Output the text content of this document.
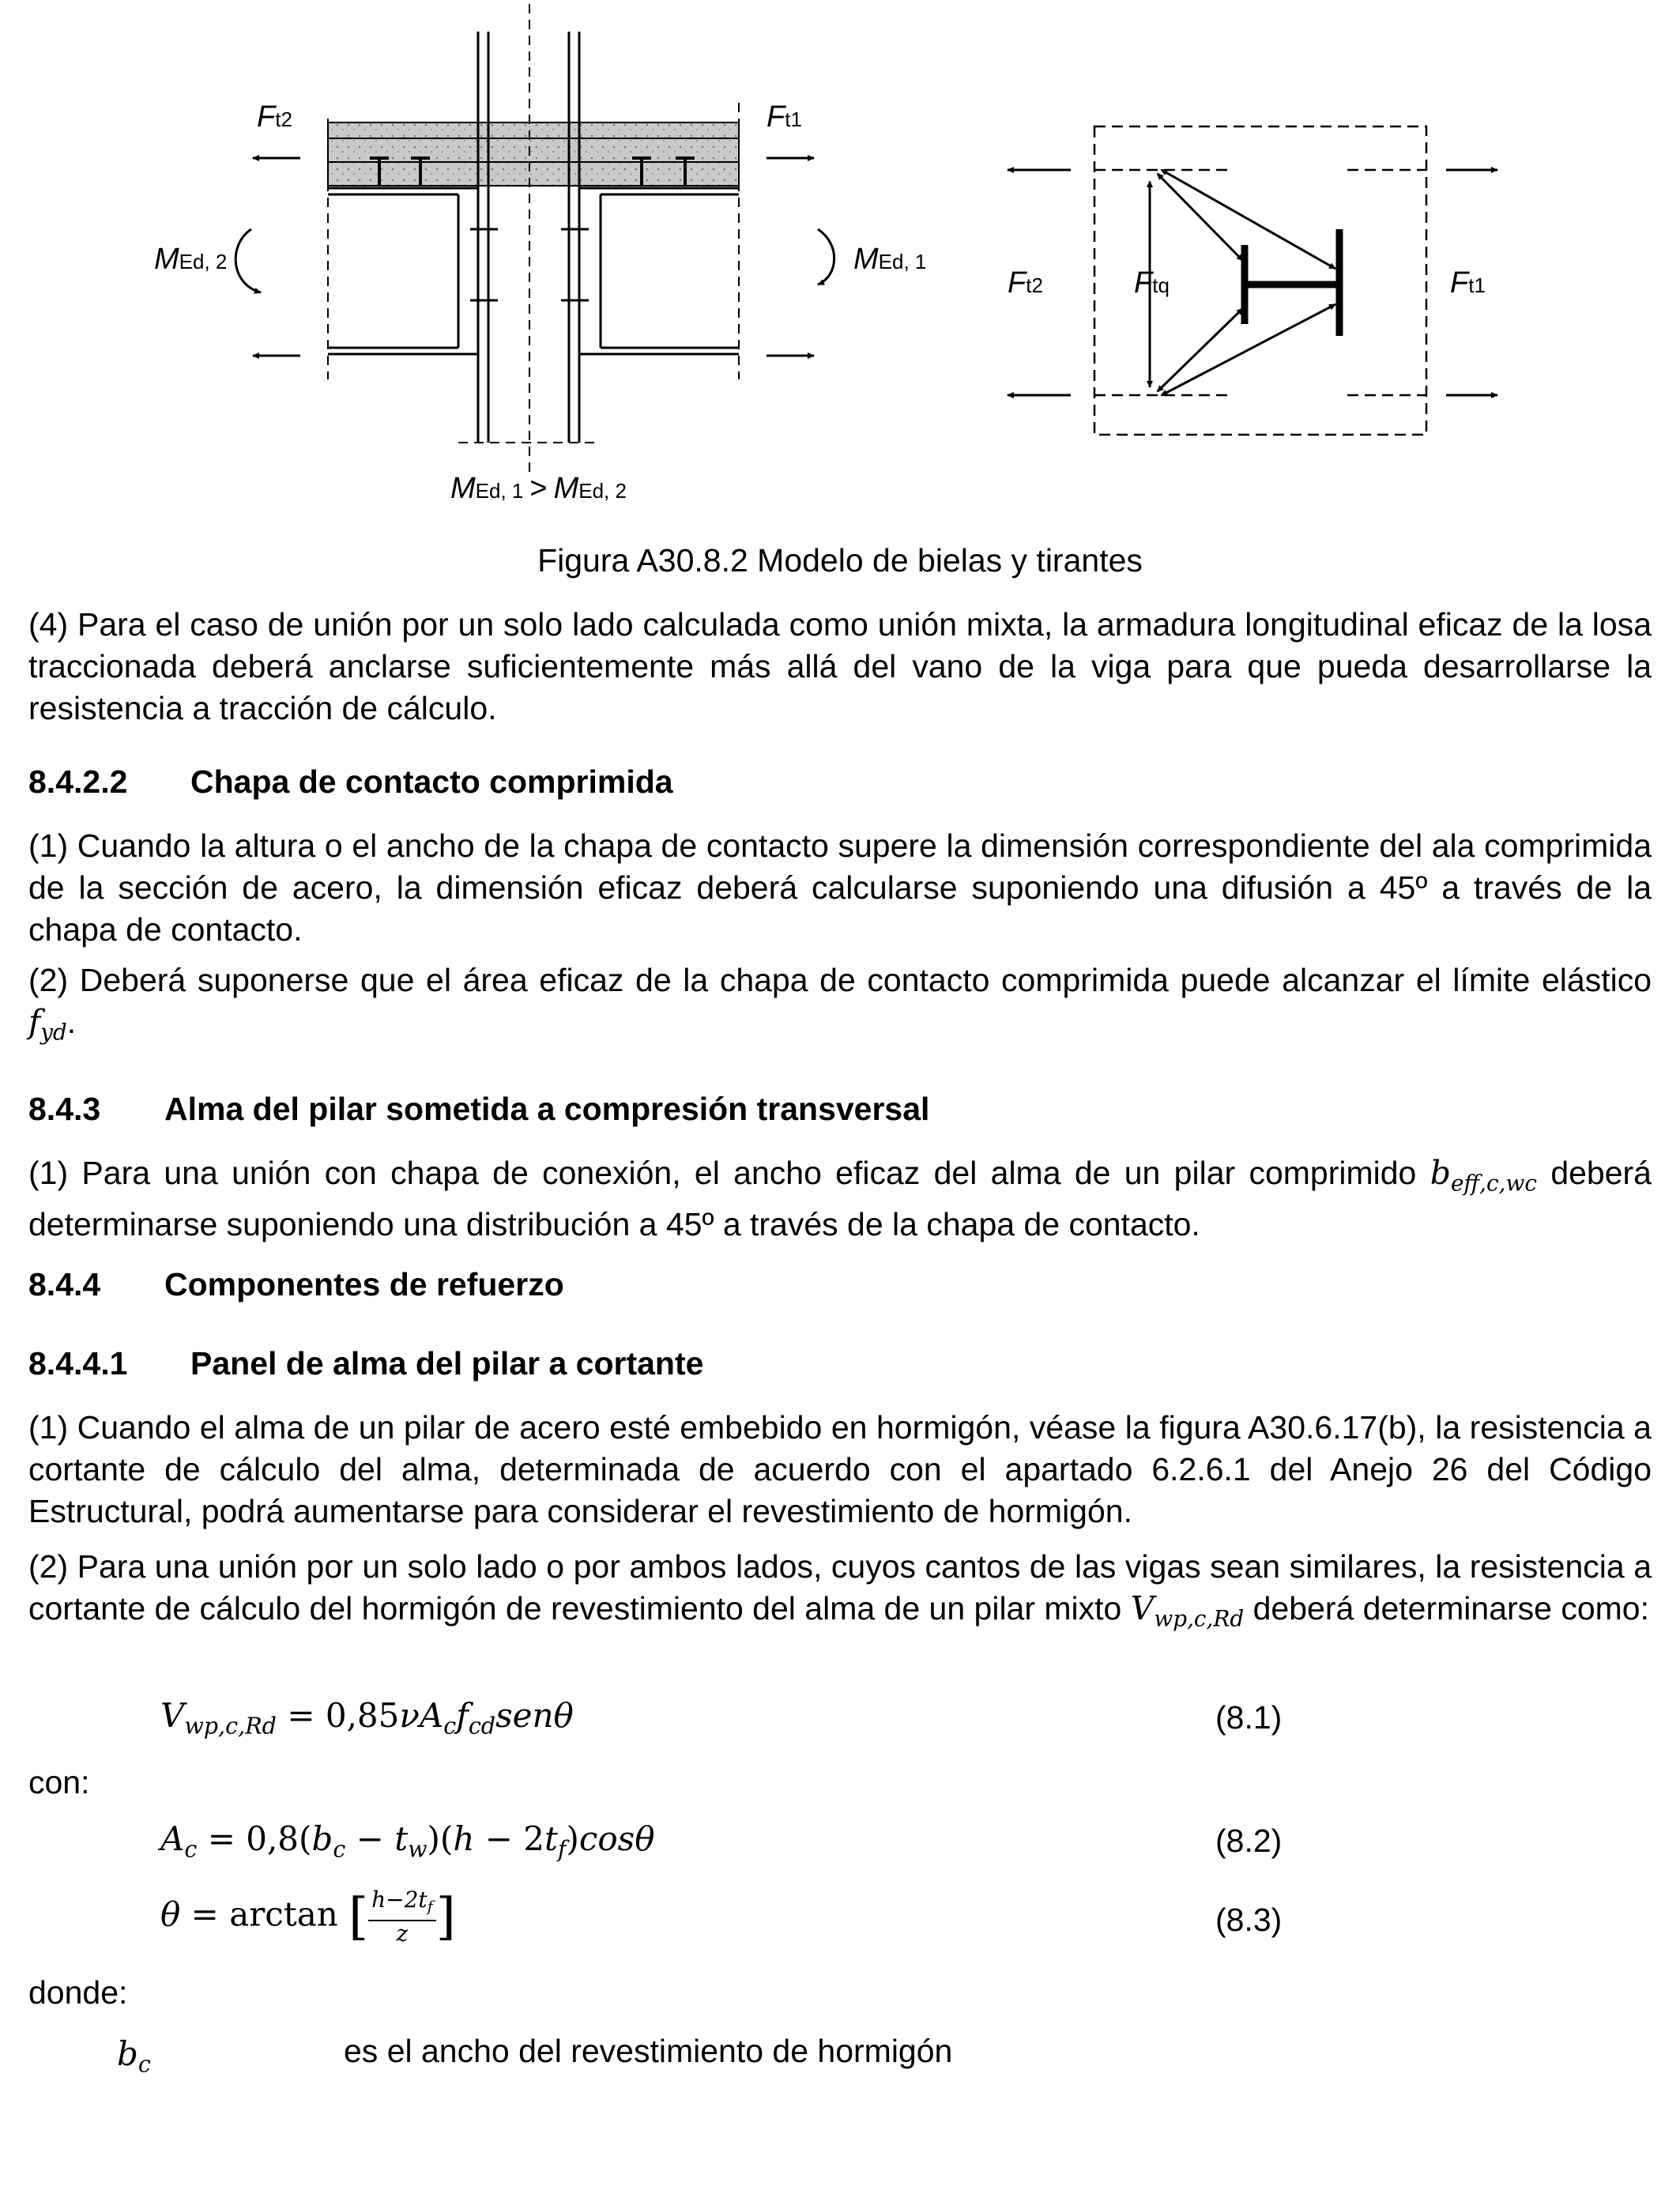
Ft2	Ft1
MEd, 2	MEd, 1
MEd, 1 > MEd, 2
Ft2	Ftq	Ft1
Figura A30.8.2 Modelo de bielas y tirantes
(4) Para el caso de unión por un solo lado calculada como unión mixta, la armadura longitudinal eficaz de la losa traccionada deberá anclarse suficientemente más allá del vano de la viga para que pueda desarrollarse la resistencia a tracción de cálculo.
8.4.2.2 Chapa de contacto comprimida
(1) Cuando la altura o el ancho de la chapa de contacto supere la dimensión correspondiente del ala comprimida de la sección de acero, la dimensión eficaz deberá calcularse suponiendo una difusión a 45º a través de la chapa de contacto.
(2) Deberá suponerse que el área eficaz de la chapa de contacto comprimida puede alcanzar el límite elástico $f_{yd}$.
8.4.3 Alma del pilar sometida a compresión transversal
(1) Para una unión con chapa de conexión, el ancho eficaz del alma de un pilar comprimido $b_{eff,c,wc}$ deberá determinarse suponiendo una distribución a 45º a través de la chapa de contacto.
8.4.4 Componentes de refuerzo
8.4.4.1 Panel de alma del pilar a cortante
(1) Cuando el alma de un pilar de acero esté embebido en hormigón, véase la figura A30.6.17(b), la resistencia a cortante de cálculo del alma, determinada de acuerdo con el apartado 6.2.6.1 del Anejo 26 del Código Estructural, podrá aumentarse para considerar el revestimiento de hormigón.
(2) Para una unión por un solo lado o por ambos lados, cuyos cantos de las vigas sean similares, la resistencia a cortante de cálculo del hormigón de revestimiento del alma de un pilar mixto $V_{wp,c,Rd}$ deberá determinarse como:
$V_{wp,c,Rd} = 0,85\nu A_cf_{cd}sen\theta$	(8.1)
con:
$A_c = 0,8(b_c - t_w)(h - 2t_f)\cos\theta$	(8.2)
θ = arctan [ $\frac{h-2t_f}{z}$ ]	(8.3)
donde:
$b_c$	es el ancho del revestimiento de hormigón
